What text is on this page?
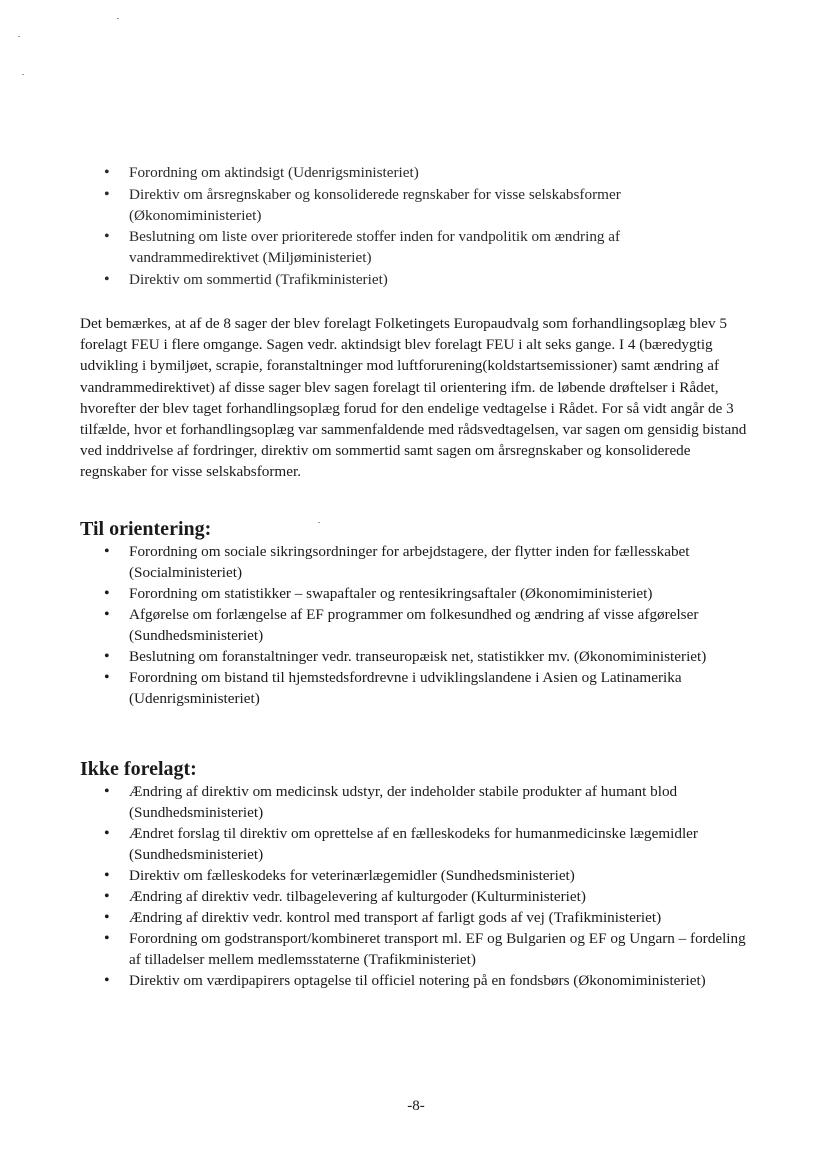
• Forordning om aktindsigt (Udenrigsministeriet)
• Direktiv om årsregnskaber og konsoliderede regnskaber for visse selskabsformer (Økonomiministeriet)
• Beslutning om liste over prioriterede stoffer inden for vandpolitik om ændring af vandrammedirektivet (Miljøministeriet)
• Direktiv om sommertid (Trafikministeriet)

Det bemærkes, at af de 8 sager der blev forelagt Folketingets Europaudvalg som forhandlingsoplæg blev 5 forelagt FEU i flere omgange. Sagen vedr. aktindsigt blev forelagt FEU i alt seks gange. I 4 (bæredygtig udvikling i bymiljøet, scrapie, foranstaltninger mod luftforurening(koldstartsemissioner) samt ændring af vandrammedirektivet) af disse sager blev sagen forelagt til orientering ifm. de løbende drøftelser i Rådet, hvorefter der blev taget forhandlingsoplæg forud for den endelige vedtagelse i Rådet. For så vidt angår de 3 tilfælde, hvor et forhandlingsoplæg var sammenfaldende med rådsvedtagelsen, var sagen om gensidig bistand ved inddrivelse af fordringer, direktiv om sommertid samt sagen om årsregnskaber og konsoliderede regnskaber for visse selskabsformer.

Til orientering:
• Forordning om sociale sikringsordninger for arbejdstagere, der flytter inden for fællesskabet (Socialministeriet)
• Forordning om statistikker – swapaftaler og rentesikringsaftaler (Økonomiministeriet)
• Afgørelse om forlængelse af EF programmer om folkesundhed og ændring af visse afgørelser (Sundhedsministeriet)
• Beslutning om foranstaltninger vedr. transeuropæisk net, statistikker mv. (Økonomiministeriet)
• Forordning om bistand til hjemstedsfordrevne i udviklingslandene i Asien og Latinamerika (Udenrigsministeriet)
Ikke forelagt:
• Ændring af direktiv om medicinsk udstyr, der indeholder stabile produkter af humant blod (Sundhedsministeriet)
• Ændret forslag til direktiv om oprettelse af en fælleskodeks for humanmedicinske lægemidler (Sundhedsministeriet)
• Direktiv om fælleskodeks for veterinærlægemidler (Sundhedsministeriet)
• Ændring af direktiv vedr. tilbagelevering af kulturgoder (Kulturministeriet)
• Ændring af direktiv vedr. kontrol med transport af farligt gods af vej (Trafikministeriet)
• Forordning om godstransport/kombineret transport ml. EF og Bulgarien og EF og Ungarn – fordeling af tilladelser mellem medlemsstaterne (Trafikministeriet)
• Direktiv om værdipapirers optagelse til officiel notering på en fondsbørs (Økonomiministeriet)
-8-
